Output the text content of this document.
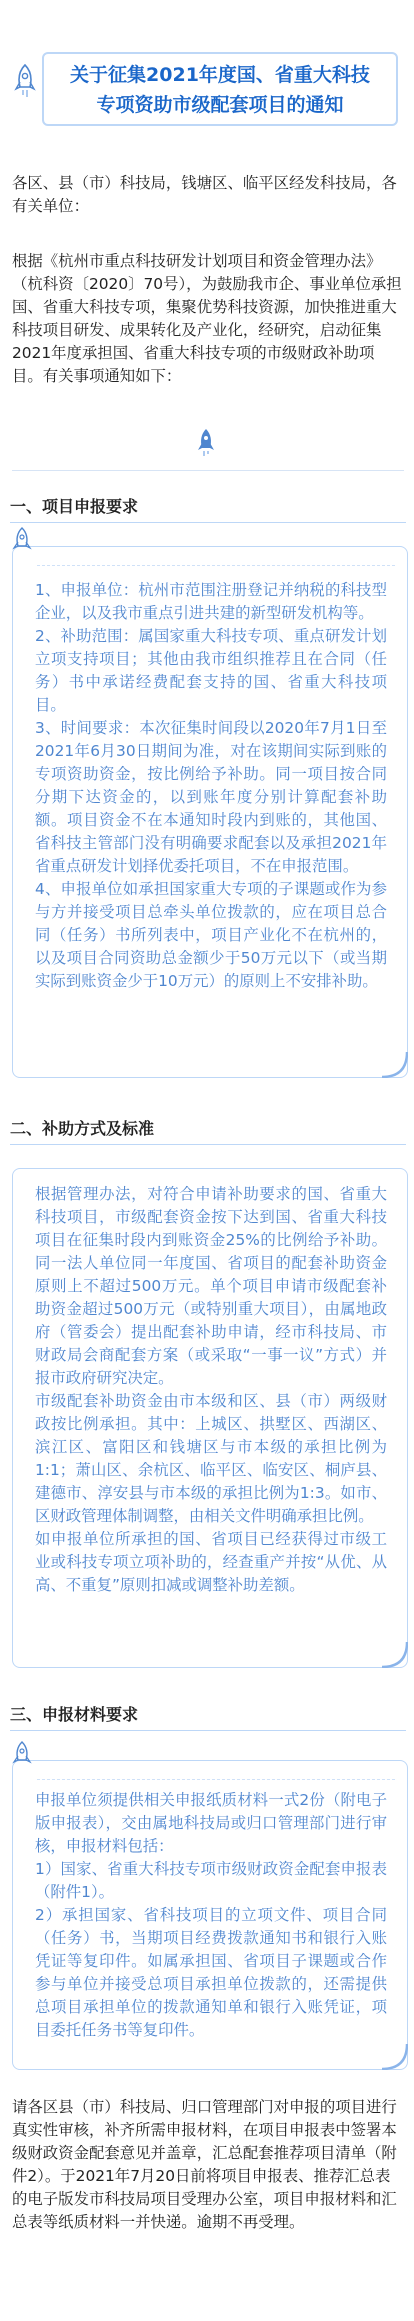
关于征集2021年度国、省重大科技
专项资助市级配套项目的通知
各区、县（市）科技局，钱塘区、临平区经发科技局，各有关单位：
根据《杭州市重点科技研发计划项目和资金管理办法》（杭科资〔2020〕70号），为鼓励我市企、事业单位承担国、省重大科技专项，集聚优势科技资源，加快推进重大科技项目研发、成果转化及产业化，经研究，启动征集2021年度承担国、省重大科技专项的市级财政补助项目。有关事项通知如下：
一、项目申报要求

1、申报单位：杭州市范围注册登记并纳税的科技型企业，以及我市重点引进共建的新型研发机构等。

2、补助范围：属国家重大科技专项、重点研发计划立项支持项目；其他由我市组织推荐且在合同（任务）书中承诺经费配套支持的国、省重大科技项目。

3、时间要求：本次征集时间段以2020年7月1日至2021年6月30日期间为准，对在该期间实际到账的专项资助资金，按比例给予补助。同一项目按合同分期下达资金的，以到账年度分别计算配套补助额。项目资金不在本通知时段内到账的，其他国、省科技主管部门没有明确要求配套以及承担2021年省重点研发计划择优委托项目，不在申报范围。

4、申报单位如承担国家重大专项的子课题或作为参与方并接受项目总牵头单位拨款的，应在项目总合同（任务）书所列表中，项目产业化不在杭州的，以及项目合同资助总金额少于50万元以下（或当期实际到账资金少于10万元）的原则上不安排补助。

二、补助方式及标准

根据管理办法，对符合申请补助要求的国、省重大科技项目，市级配套资金按下达到国、省重大科技项目在征集时段内到账资金25%的比例给予补助。同一法人单位同一年度国、省项目的配套补助资金原则上不超过500万元。单个项目申请市级配套补助资金超过500万元（或特别重大项目），由属地政府（管委会）提出配套补助申请，经市科技局、市财政局会商配套方案（或采取“一事一议”方式）并报市政府研究决定。

市级配套补助资金由市本级和区、县（市）两级财政按比例承担。其中：上城区、拱墅区、西湖区、滨江区、富阳区和钱塘区与市本级的承担比例为1:1；萧山区、余杭区、临平区、临安区、桐庐县、建德市、淳安县与市本级的承担比例为1:3。如市、区财政管理体制调整，由相关文件明确承担比例。

如申报单位所承担的国、省项目已经获得过市级工业或科技专项立项补助的，经查重产并按“从优、从高、不重复”原则扣减或调整补助差额。

三、申报材料要求

申报单位须提供相关申报纸质材料一式2份（附电子版申报表），交由属地科技局或归口管理部门进行审核，申报材料包括：

1）国家、省重大科技专项市级财政资金配套申报表（附件1）。

2）承担国家、省科技项目的立项文件、项目合同（任务）书，当期项目经费拨款通知书和银行入账凭证等复印件。如属承担国、省项目子课题或合作参与单位并接受总项目承担单位拨款的，还需提供总项目承担单位的拨款通知单和银行入账凭证，项目委托任务书等复印件。

请各区县（市）科技局、归口管理部门对申报的项目进行真实性审核，补齐所需申报材料，在项目申报表中签署本级财政资金配套意见并盖章，汇总配套推荐项目清单（附件2）。于2021年7月20日前将项目申报表、推荐汇总表的电子版发市科技局项目受理办公室，项目申报材料和汇总表等纸质材料一并快递。逾期不再受理。
